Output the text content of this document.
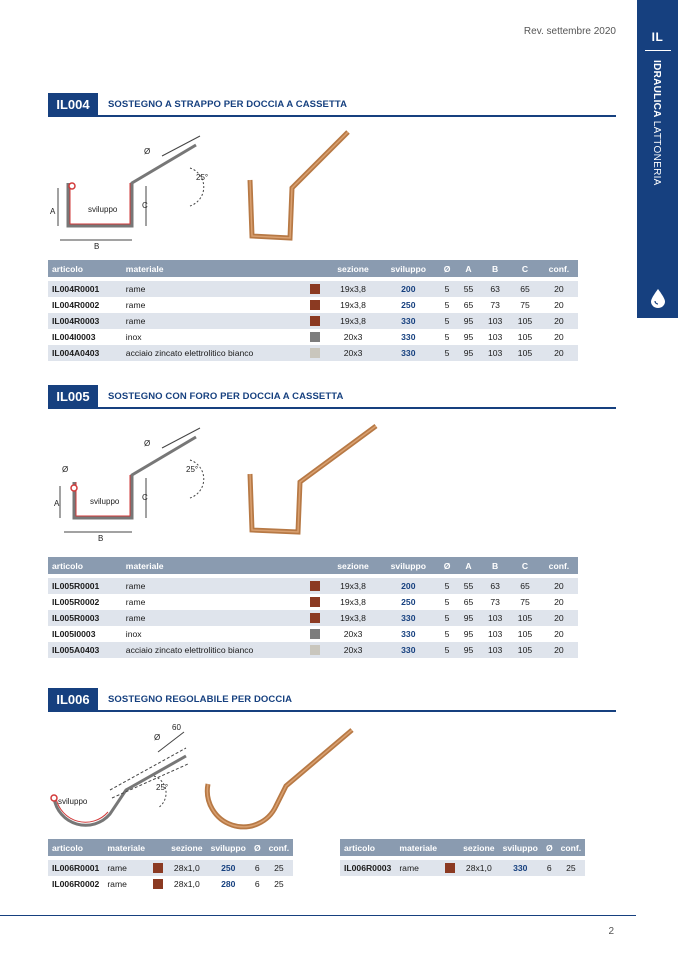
Rev. settembre 2020	IL
IDRAULICA LATTONERIA
IL004	SOSTEGNO A STRAPPO PER DOCCIA A CASSETTA
A	sviluppo
B
C
Ø
25°
articolo	materiale		sezione	sviluppo	Ø	A	B	C	conf.

IL004R0001	rame		19x3,8	200	5	55	63	65	20
IL004R0002	rame		19x3,8	250	5	65	73	75	20
IL004R0003	rame		19x3,8	330	5	95	103	105	20
IL004I0003	inox		20x3	330	5	95	103	105	20
IL004A0403	acciaio zincato elettrolitico bianco		20x3	330	5	95	103	105	20
IL005	SOSTEGNO CON FORO PER DOCCIA A CASSETTA
Ø
A	sviluppo
B
C
Ø
25°
articolo	materiale		sezione	sviluppo	Ø	A	B	C	conf.

IL005R0001	rame		19x3,8	200	5	55	63	65	20
IL005R0002	rame		19x3,8	250	5	65	73	75	20
IL005R0003	rame		19x3,8	330	5	95	103	105	20
IL005I0003	inox		20x3	330	5	95	103	105	20
IL005A0403	acciaio zincato elettrolitico bianco		20x3	330	5	95	103	105	20
IL006	SOSTEGNO REGOLABILE PER DOCCIA
sviluppo
Ø
60
25°
articolo	materiale		sezione	sviluppo	Ø	conf.

IL006R0001	rame		28x1,0	250	6	25
IL006R0002	rame		28x1,0	280	6	25
articolo	materiale		sezione	sviluppo	Ø	conf.

IL006R0003	rame		28x1,0	330	6	25
2
